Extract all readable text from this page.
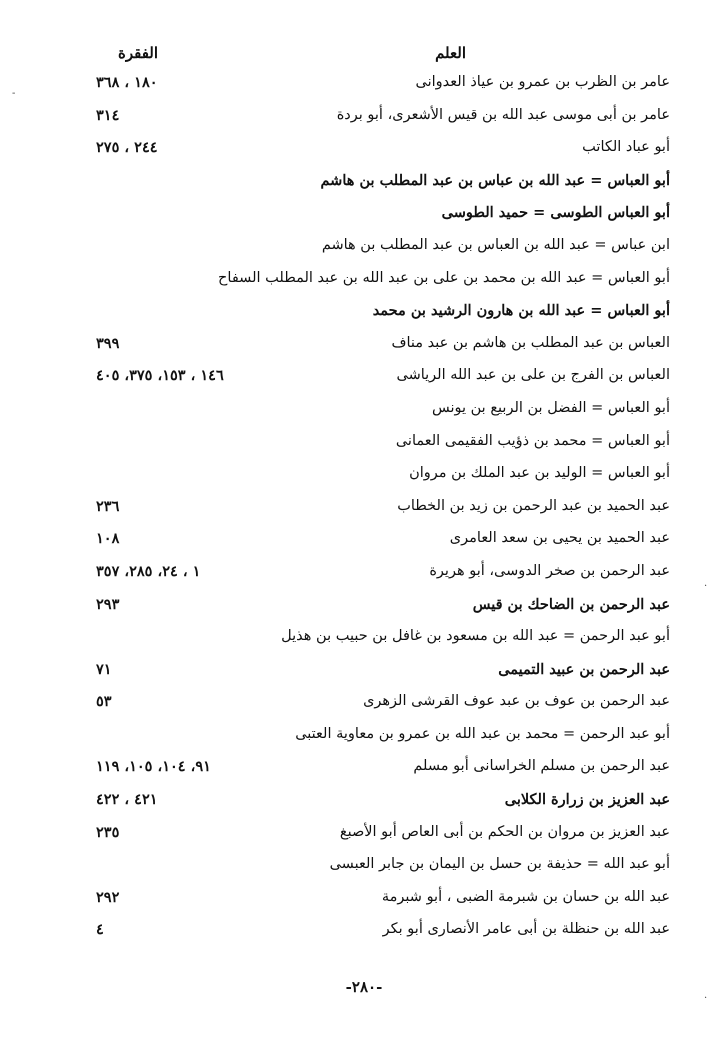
العلم
الفقرة
عامر بن الظرب بن عمرو بن عياذ العدوانى
١٨٠ ، ٣٦٨
عامر بن أبى موسى عبد الله بن قيس الأشعرى، أبو بردة
٣١٤
أبو عباد الكاتب
٢٤٤ ، ٢٧٥
أبو العباس = عبد الله بن عباس بن عبد المطلب بن هاشم
أبو العباس الطوسى = حميد الطوسى
ابن عباس = عبد الله بن العباس بن عبد المطلب بن هاشم
أبو العباس = عبد الله بن محمد بن على بن عبد الله بن عبد المطلب السفاح
أبو العباس = عبد الله بن هارون الرشيد بن محمد
العباس بن عبد المطلب بن هاشم بن عبد مناف
٣٩٩
العباس بن الفرج بن على بن عبد الله الرياشى
١٤٦ ، ١٥٣، ٣٧٥، ٤٠٥
أبو العباس = الفضل بن الربيع بن يونس
أبو العباس = محمد بن ذؤيب الفقيمى العمانى
أبو العباس = الوليد بن عبد الملك بن مروان
عبد الحميد بن عبد الرحمن بن زيد بن الخطاب
٢٣٦
عبد الحميد بن يحيى بن سعد العامرى
١٠٨
عبد الرحمن بن صخر الدوسى، أبو هريرة
١ ، ٢٤، ٢٨٥، ٣٥٧
عبد الرحمن بن الضاحك بن قيس
٢٩٣
أبو عبد الرحمن = عبد الله بن مسعود بن غافل بن حبيب بن هذيل
عبد الرحمن بن عبيد التميمى
٧١
عبد الرحمن بن عوف بن عبد عوف القرشى الزهرى
٥٣
أبو عبد الرحمن = محمد بن عبد الله بن عمرو بن معاوية العتبى
عبد الرحمن بن مسلم الخراسانى أبو مسلم
٩١، ١٠٤، ١٠٥، ١١٩
عبد العزيز بن زرارة الكلابى
٤٢١ ، ٤٢٢
عبد العزيز بن مروان بن الحكم بن أبى العاص أبو الأصبغ
٢٣٥
أبو عبد الله = حذيفة بن حسل بن اليمان بن جابر العبسى
عبد الله بن حسان بن شبرمة الضبى ، أبو شبرمة
٢٩٢
عبد الله بن حنظلة بن أبى عامر الأنصارى أبو بكر
٤
-٢٨٠-
-
.
.
